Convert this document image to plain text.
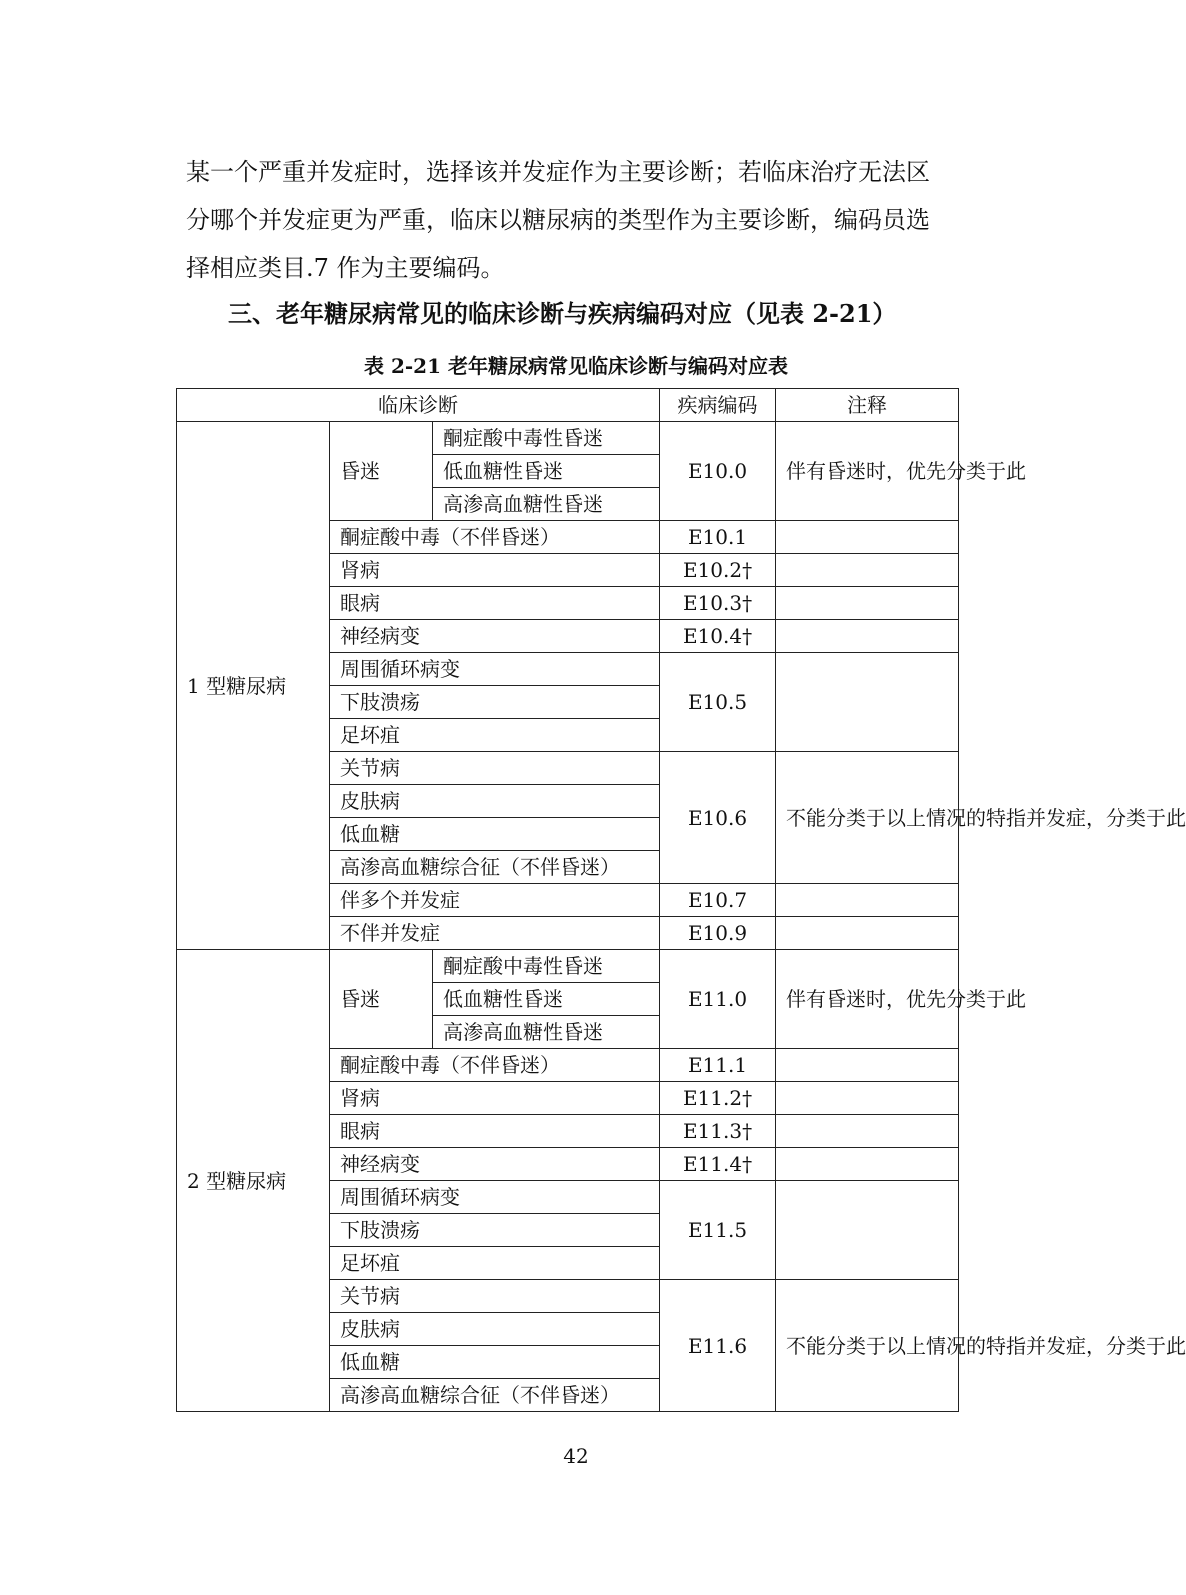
某一个严重并发症时，选择该并发症作为主要诊断；若临床治疗无法区

分哪个并发症更为严重，临床以糖尿病的类型作为主要诊断，编码员选

择相应类目.7 作为主要编码。

三、老年糖尿病常见的临床诊断与疾病编码对应（见表 2-21）
表 2-21 老年糖尿病常见临床诊断与编码对应表
临床诊断			疾病编码	注释
1 型糖尿病	昏迷	酮症酸中毒性昏迷	E10.0	伴有昏迷时，优先分类于此
		低血糖性昏迷		
		高渗高血糖性昏迷		
	酮症酸中毒（不伴昏迷）		E10.1	
	肾病		E10.2†	
	眼病		E10.3†	
	神经病变		E10.4†	
	周围循环病变		E10.5	
	下肢溃疡			
	足坏疽			
	关节病		E10.6	不能分类于以上情况的特指并发症，分类于此
	皮肤病			
	低血糖			
	高渗高血糖综合征（不伴昏迷）			
	伴多个并发症		E10.7	
	不伴并发症		E10.9	
2 型糖尿病	昏迷	酮症酸中毒性昏迷	E11.0	伴有昏迷时，优先分类于此
		低血糖性昏迷		
		高渗高血糖性昏迷		
	酮症酸中毒（不伴昏迷）		E11.1	
	肾病		E11.2†	
	眼病		E11.3†	
	神经病变		E11.4†	
	周围循环病变		E11.5	
	下肢溃疡			
	足坏疽			
	关节病		E11.6	不能分类于以上情况的特指并发症，分类于此
	皮肤病			
	低血糖			
	高渗高血糖综合征（不伴昏迷）			
42
